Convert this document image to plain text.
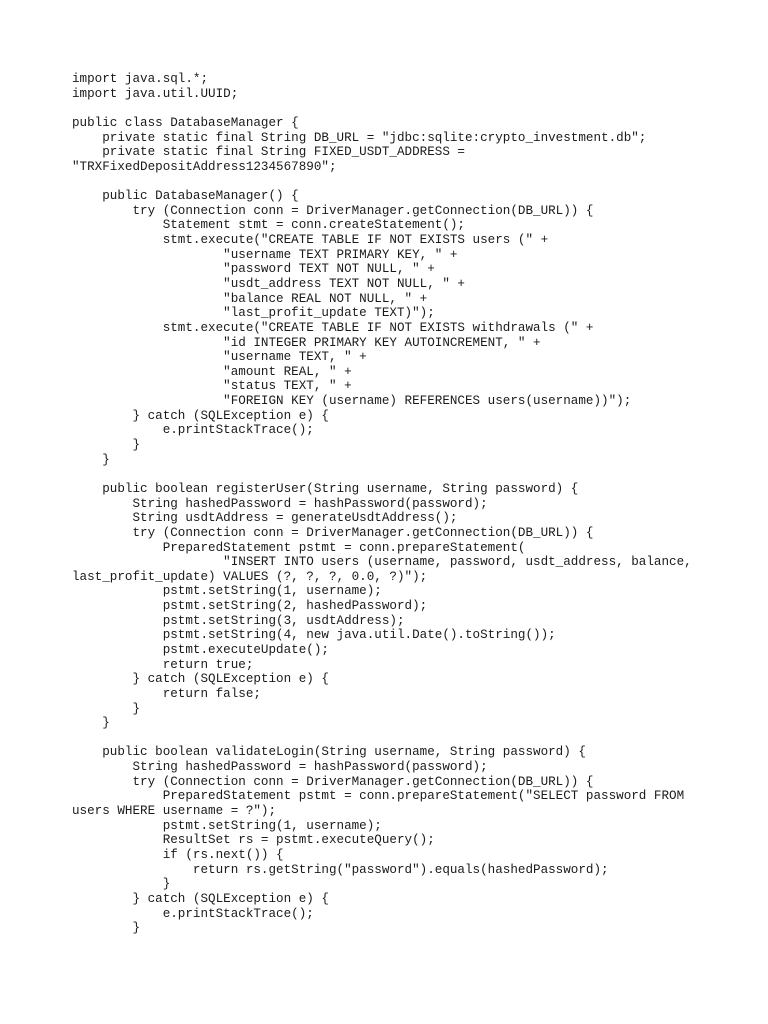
import java.sql.*;
import java.util.UUID;
public class DatabaseManager {
private static final String DB_URL = "jdbc:sqlite:crypto_investment.db";
private static final String FIXED_USDT_ADDRESS =
"TRXFixedDepositAddress1234567890";
public DatabaseManager() {
try (Connection conn = DriverManager.getConnection(DB_URL)) {
Statement stmt = conn.createStatement();
stmt.execute("CREATE TABLE IF NOT EXISTS users (" +
"username TEXT PRIMARY KEY, " +
"password TEXT NOT NULL, " +
"usdt_address TEXT NOT NULL, " +
"balance REAL NOT NULL, " +
"last_profit_update TEXT)");
stmt.execute("CREATE TABLE IF NOT EXISTS withdrawals (" +
"id INTEGER PRIMARY KEY AUTOINCREMENT, " +
"username TEXT, " +
"amount REAL, " +
"status TEXT, " +
"FOREIGN KEY (username) REFERENCES users(username))");
} catch (SQLException e) {
e.printStackTrace();
}
}
public boolean registerUser(String username, String password) {
String hashedPassword = hashPassword(password);
String usdtAddress = generateUsdtAddress();
try (Connection conn = DriverManager.getConnection(DB_URL)) {
PreparedStatement pstmt = conn.prepareStatement(
"INSERT INTO users (username, password, usdt_address, balance,
last_profit_update) VALUES (?, ?, ?, 0.0, ?)");
pstmt.setString(1, username);
pstmt.setString(2, hashedPassword);
pstmt.setString(3, usdtAddress);
pstmt.setString(4, new java.util.Date().toString());
pstmt.executeUpdate();
return true;
} catch (SQLException e) {
return false;
}
}
public boolean validateLogin(String username, String password) {
String hashedPassword = hashPassword(password);
try (Connection conn = DriverManager.getConnection(DB_URL)) {
PreparedStatement pstmt = conn.prepareStatement("SELECT password FROM
users WHERE username = ?");
pstmt.setString(1, username);
ResultSet rs = pstmt.executeQuery();
if (rs.next()) {
return rs.getString("password").equals(hashedPassword);
}
} catch (SQLException e) {
e.printStackTrace();
}
